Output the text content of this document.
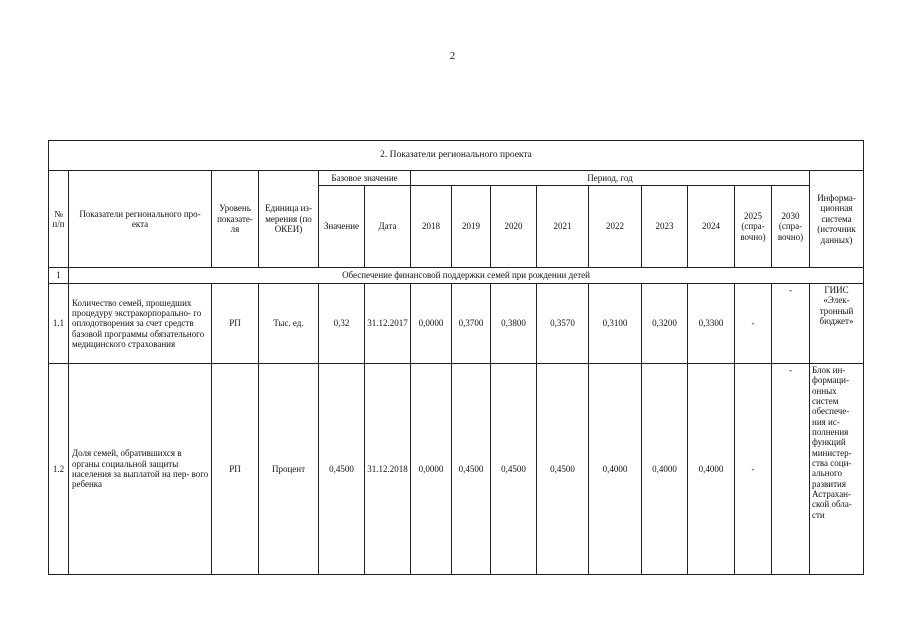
2
2. Показатели регионального проекта															
№ п/п	Показатели регионального про- екта	Уровень показате- ля	Единица из- мерения (по ОКЕИ)	Базовое значение		Период, год									Информа- ционная система (источник данных)
				Значение	Дата	2018	2019	2020	2021	2022	2023	2024	2025 (спра- вочно)	2030 (спра- вочно)	
1	Обеспечение финансовой поддержки семей при рождении детей														
1.1	Количество семей, прошедших процедуру экстракорпорально- го оплодотворения за счет средств базовой программы обязательного медицинского страхования	РП	Тыс. ед.	0,32	31.12.2017	0,0000	0,3700	0,3800	0,3570	0,3100	0,3200	0,3300	-	-	ГИИС «Элек- тронный бюджет»
1.2	Доля семей, обратившихся в органы социальной защиты населения за выплатой на пер- вого ребенка	РП	Процент	0,4500	31.12.2018	0,0000	0,4500	0,4500	0,4500	0,4000	0,4000	0,4000	-	-	Блок ин- формаци- онных систем обеспече- ния ис- полнения функций министер- ства соци- ального развития Астрахан- ской обла- сти
